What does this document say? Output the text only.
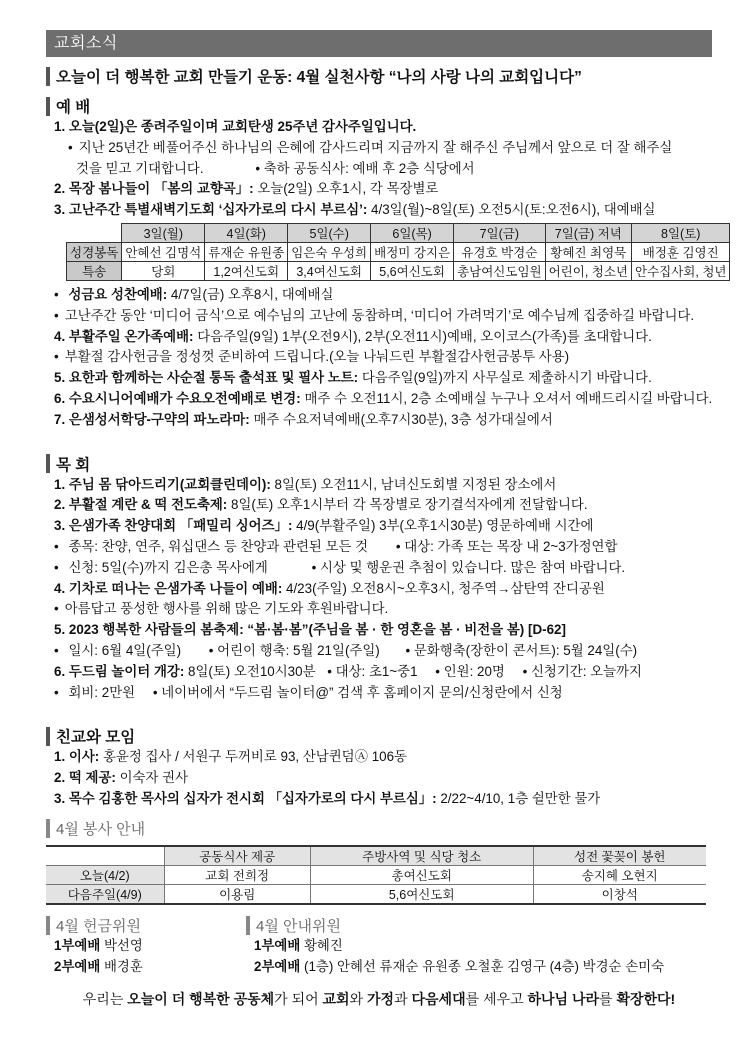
교회소식
오늘이 더 행복한 교회 만들기 운동: 4월 실천사항 “나의 사랑 나의 교회입니다”
예 배
1. 오늘(2일)은 종려주일이며 교회탄생 25주년 감사주일입니다.
• 지난 25년간 베풀어주신 하나님의 은혜에 감사드리며 지금까지 잘 해주신 주님께서 앞으로 더 잘 해주실
것을 믿고 기대합니다.	• 축하 공동식사: 예배 후 2층 식당에서
2. 목장 봄나들이 「봄의 교향곡」: 오늘(2일) 오후1시, 각 목장별로
3. 고난주간 특별새벽기도회 ‘십자가로의 다시 부르심’: 4/3일(월)~8일(토) 오전5시(토:오전6시), 대예배실
	3일(월)	4일(화)	5일(수)	6일(목)	7일(금)	7일(금) 저녁	8일(토)
성경봉독	안혜선 김명석	류재순 유원종	임은숙 우성희	배정미 강지은	유경호 박경순	황혜진 최영묵	배정훈 김영진
특송	당회	1,2여신도회	3,4여신도회	5,6여신도회	총남여신도임원	어린이, 청소년	안수집사회, 청년
• 성금요 성찬예배: 4/7일(금) 오후8시, 대예배실
• 고난주간 동안 ‘미디어 금식’으로 예수님의 고난에 동참하며, ‘미디어 가려먹기’로 예수님께 집중하길 바랍니다.
4. 부활주일 온가족예배: 다음주일(9일) 1부(오전9시), 2부(오전11시)예배, 오이코스(가족)를 초대합니다.
• 부활절 감사헌금을 정성껏 준비하여 드립니다.(오늘 나눠드린 부활절감사헌금봉투 사용)
5. 요한과 함께하는 사순절 통독 출석표 및 필사 노트: 다음주일(9일)까지 사무실로 제출하시기 바랍니다.
6. 수요시니어예배가 수요오전예배로 변경: 매주 수 오전11시, 2층 소예배실 누구나 오셔서 예배드리시길 바랍니다.
7. 은샘성서학당-구약의 파노라마: 매주 수요저녁예배(오후7시30분), 3층 성가대실에서
목 회
1. 주님 몸 닦아드리기(교회클린데이): 8일(토) 오전11시, 남녀신도회별 지정된 장소에서
2. 부활절 계란 & 떡 전도축제: 8일(토) 오후1시부터 각 목장별로 장기결석자에게 전달합니다.
3. 은샘가족 찬양대회 「패밀리 싱어즈」: 4/9(부활주일) 3부(오후1시30분) 영문하예배 시간에
• 종목: 찬양, 연주, 워십댄스 등 찬양과 관련된 모든 것 • 대상: 가족 또는 목장 내 2~3가정연합
• 신청: 5일(수)까지 김은총 목사에게	• 시상 및 행운권 추첨이 있습니다. 많은 참여 바랍니다.
4. 기차로 떠나는 은샘가족 나들이 예배: 4/23(주일) 오전8시~오후3시, 청주역→삼탄역 잔디공원
• 아름답고 풍성한 행사를 위해 많은 기도와 후원바랍니다.
5. 2023 행복한 사람들의 봄축제: “봄·봄·봄”(주님을 봄 · 한 영혼을 봄 · 비전을 봄) [D-62]
• 일시: 6월 4일(주일) • 어린이 행축: 5월 21일(주일) • 문화행축(장한이 콘서트): 5월 24일(수)
6. 두드림 놀이터 개강: 8일(토) 오전10시30분 • 대상: 초1~중1 • 인원: 20명 • 신청기간: 오늘까지
• 회비: 2만원 • 네이버에서 “두드림 놀이터@” 검색 후 홈페이지 문의/신청란에서 신청
친교와 모임
1. 이사: 홍윤정 집사 / 서원구 두꺼비로 93, 산남퀸덤Ⓐ 106동
2. 떡 제공: 이숙자 권사
3. 목수 김홍한 목사의 십자가 전시회 「십자가로의 다시 부르심」: 2/22~4/10, 1층 쉴만한 물가
4월 봉사 안내
	공동식사 제공	주방사역 및 식당 청소	성전 꽃꽂이 봉헌
오늘(4/2)	교회 전희정	총여신도회	송지혜 오현지
다음주일(4/9)	이용림	5,6여신도회	이창석
4월 헌금위원
1부예배 박선영
2부예배 배경훈
4월 안내위원
1부예배 황혜진
2부예배 (1층) 안혜선 류재순 유원종 오철훈 김영구 (4층) 박경순 손미숙
우리는 오늘이 더 행복한 공동체가 되어 교회와 가정과 다음세대를 세우고 하나님 나라를 확장한다!
